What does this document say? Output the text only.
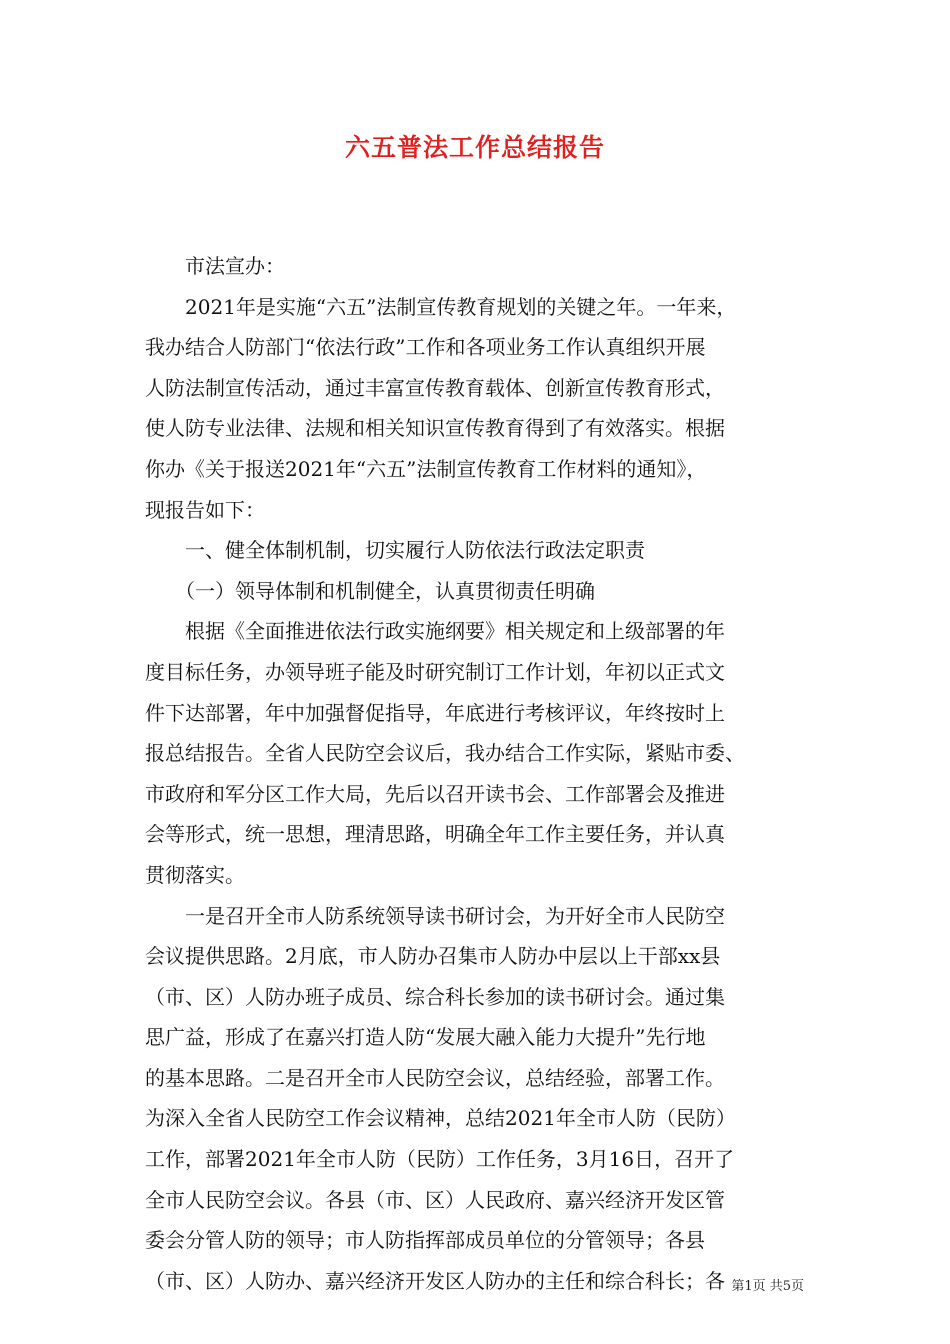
六五普法工作总结报告
　　市法宣办：
　　2021年是实施“六五”法制宣传教育规划的关键之年。一年来，
我办结合人防部门“依法行政”工作和各项业务工作认真组织开展
人防法制宣传活动，通过丰富宣传教育载体、创新宣传教育形式，
使人防专业法律、法规和相关知识宣传教育得到了有效落实。根据
你办《关于报送2021年“六五”法制宣传教育工作材料的通知》，
现报告如下：
　　一、健全体制机制，切实履行人防依法行政法定职责
　　（一）领导体制和机制健全，认真贯彻责任明确
　　根据《全面推进依法行政实施纲要》相关规定和上级部署的年
度目标任务，办领导班子能及时研究制订工作计划，年初以正式文
件下达部署，年中加强督促指导，年底进行考核评议，年终按时上
报总结报告。全省人民防空会议后，我办结合工作实际，紧贴市委、
市政府和军分区工作大局，先后以召开读书会、工作部署会及推进
会等形式，统一思想，理清思路，明确全年工作主要任务，并认真
贯彻落实。
　　一是召开全市人防系统领导读书研讨会，为开好全市人民防空
会议提供思路。2月底，市人防办召集市人防办中层以上干部xx县
（市、区）人防办班子成员、综合科长参加的读书研讨会。通过集
思广益，形成了在嘉兴打造人防“发展大融入能力大提升”先行地
的基本思路。二是召开全市人民防空会议，总结经验，部署工作。
为深入全省人民防空工作会议精神，总结2021年全市人防（民防）
工作，部署2021年全市人防（民防）工作任务，3月16日，召开了
全市人民防空会议。各县（市、区）人民政府、嘉兴经济开发区管
委会分管人防的领导；市人防指挥部成员单位的分管领导；各县
（市、区）人防办、嘉兴经济开发区人防办的主任和综合科长；各 第1页 共5页
